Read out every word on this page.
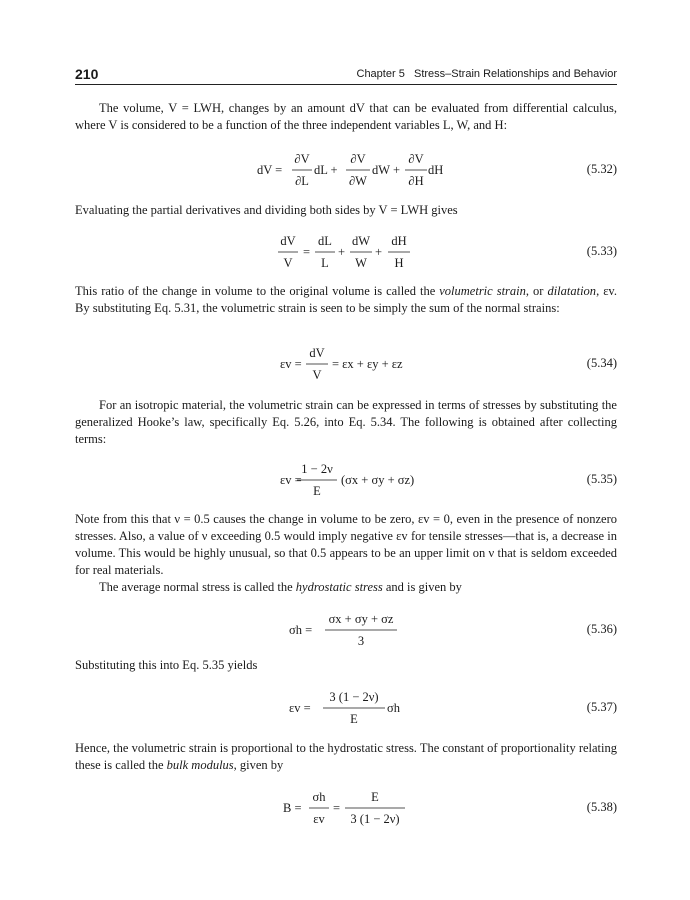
210	Chapter 5 Stress–Strain Relationships and Behavior

The volume, V = LWH, changes by an amount dV that can be evaluated from differential calculus, where V is considered to be a function of the three independent variables L, W, and H:

dV =
∂V
∂L
dL +
∂V
∂W
dW +
∂V
∂H
dH	(5.32)

Evaluating the partial derivatives and dividing both sides by V = LWH gives

dV
V
=
dL
L
+
dW
W
+
dH
H
(5.33)

This ratio of the change in volume to the original volume is called the volumetric strain, or dilatation, εv. By substituting Eq. 5.31, the volumetric strain is seen to be simply the sum of the normal strains:

εv =
dV
V
= εx + εy + εz	(5.34)

For an isotropic material, the volumetric strain can be expressed in terms of stresses by substituting the generalized Hooke’s law, specifically Eq. 5.26, into Eq. 5.34. The following is obtained after collecting terms:

εv =
1 − 2ν
E
(σx + σy + σz)	(5.35)

Note from this that ν = 0.5 causes the change in volume to be zero, εv = 0, even in the presence of nonzero stresses. Also, a value of ν exceeding 0.5 would imply negative εv for tensile stresses—that is, a decrease in volume. This would be highly unusual, so that 0.5 appears to be an upper limit on ν that is seldom exceeded for real materials.

The average normal stress is called the hydrostatic stress and is given by

σh =
σx + σy + σz
3
(5.36)

Substituting this into Eq. 5.35 yields

εv =
3 (1 − 2ν)
E
σh	(5.37)

Hence, the volumetric strain is proportional to the hydrostatic stress. The constant of proportionality relating these is called the bulk modulus, given by

B =
σh
εv
=
E
3 (1 − 2ν)
(5.38)
